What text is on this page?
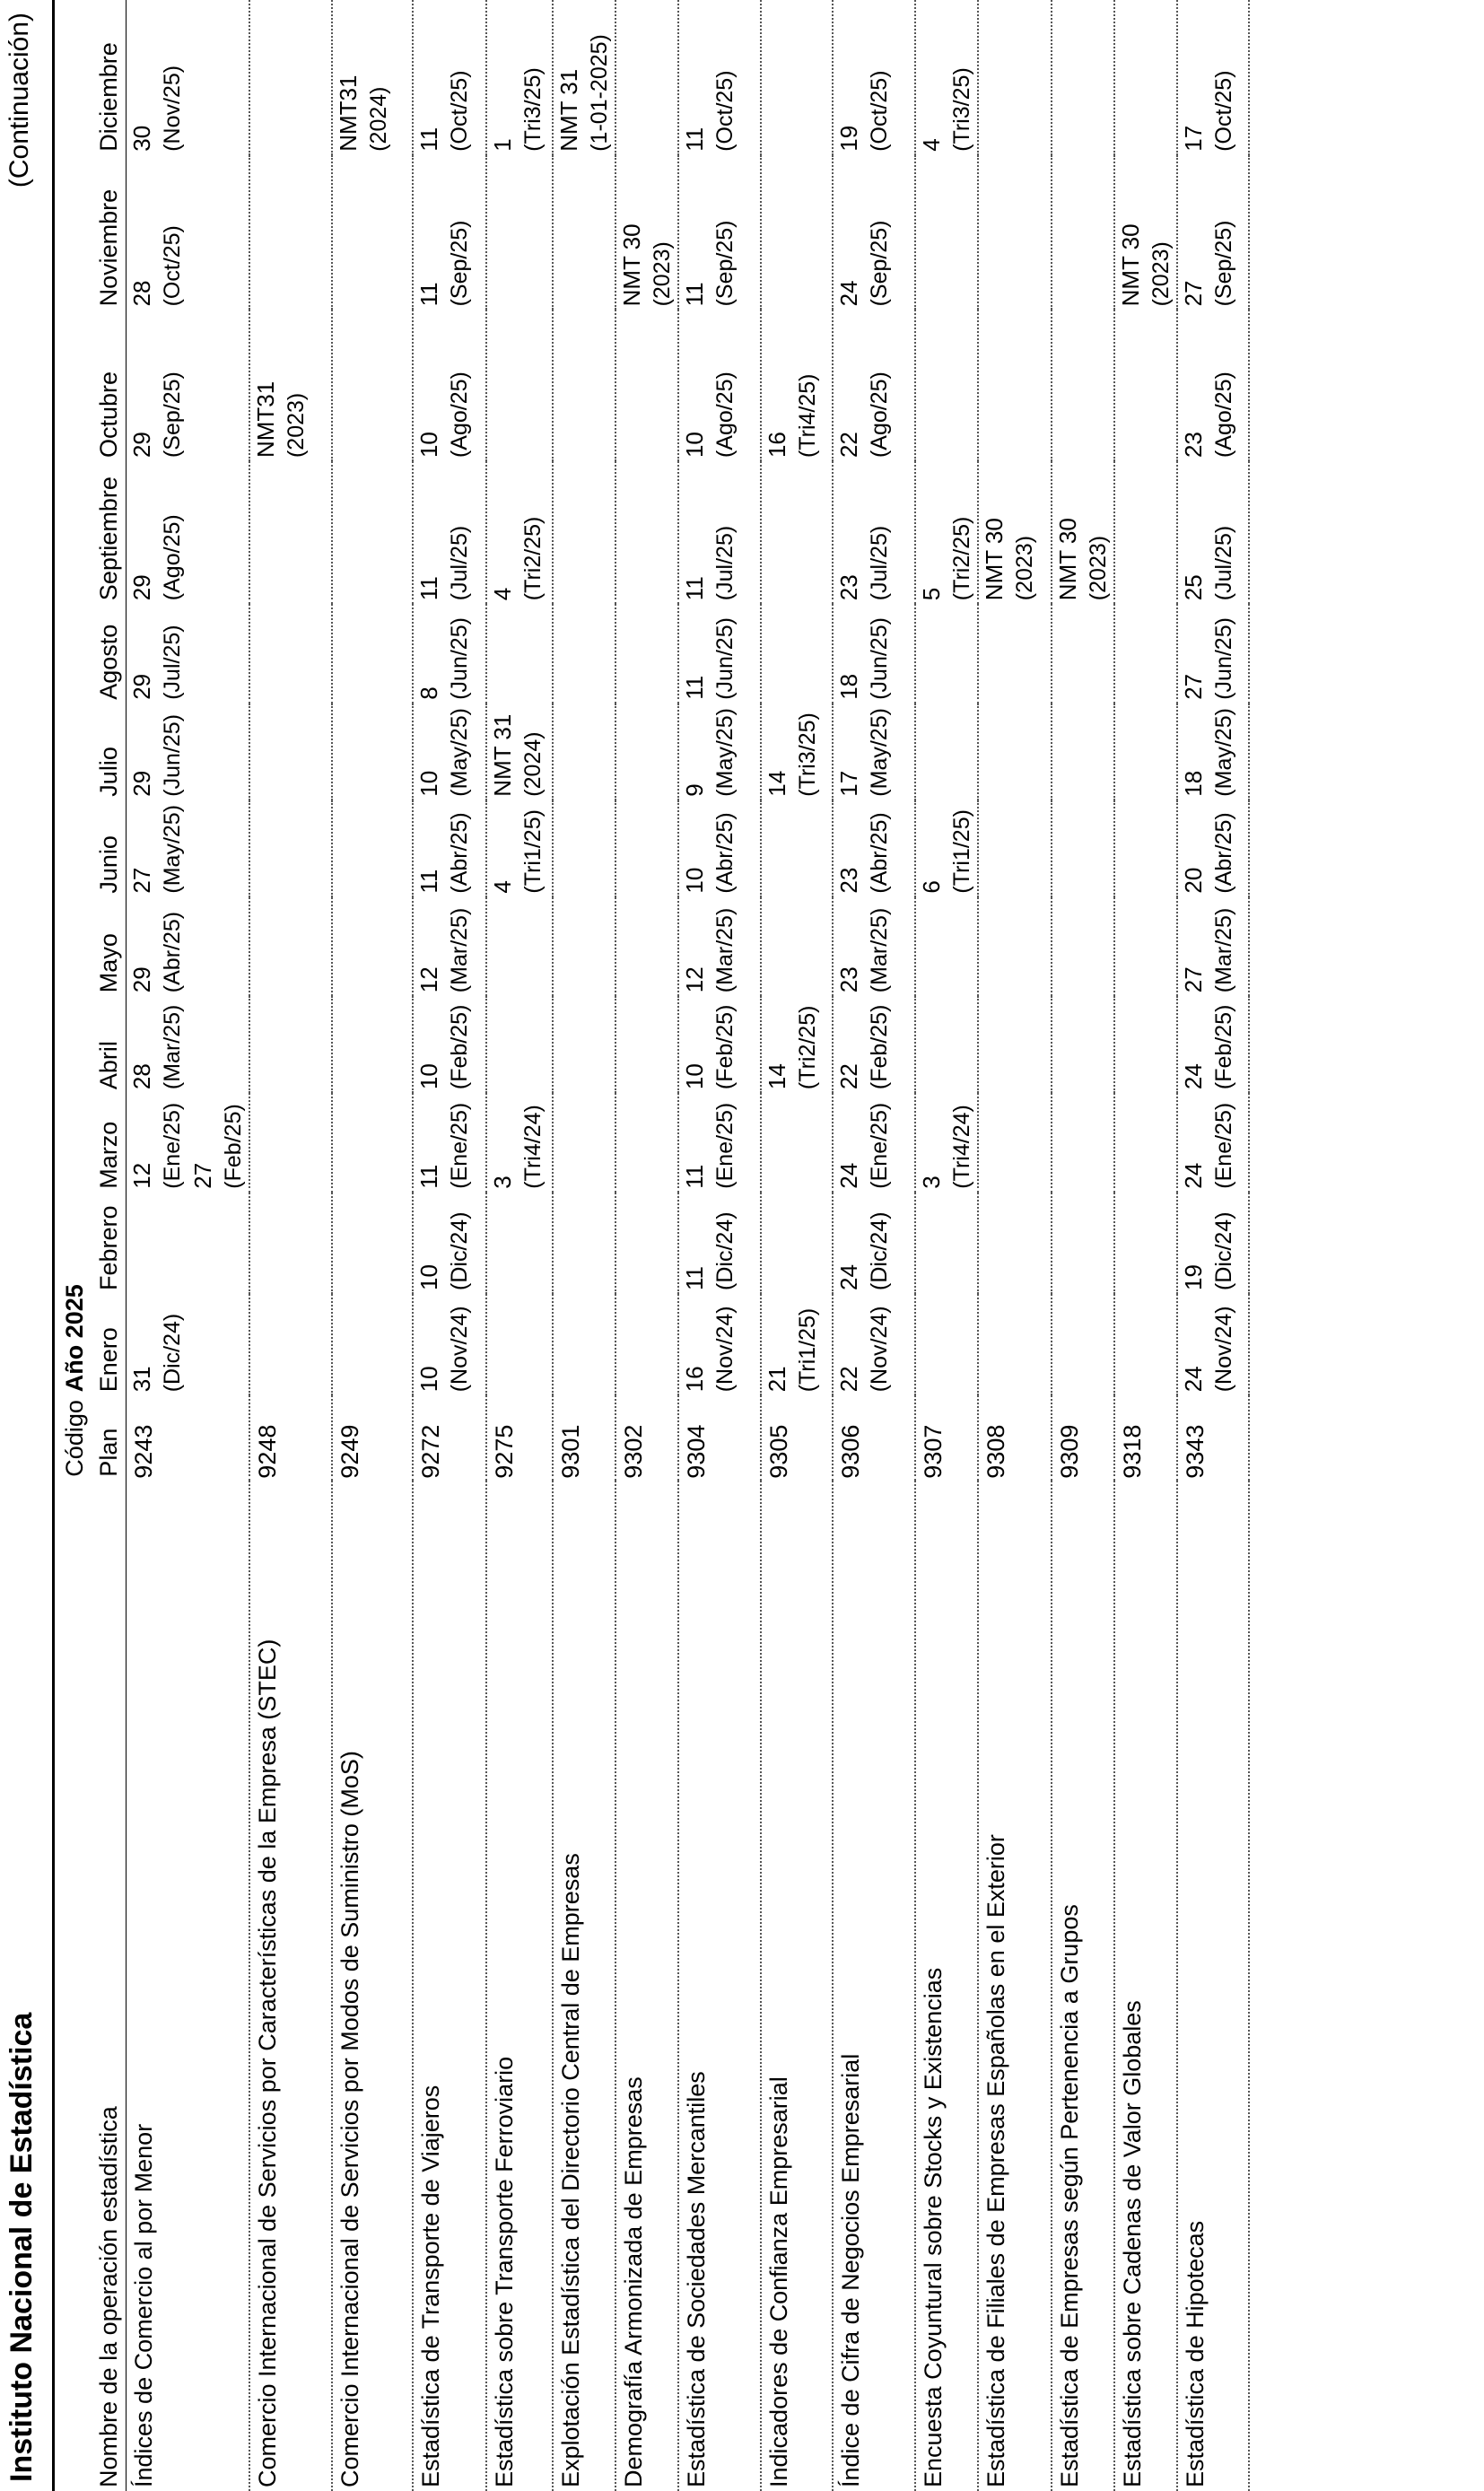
Instituto Nacional de Estadística
(Continuación)
Nombre de la operación estadística	Código	Año 2025											
	Plan	Enero	Febrero	Marzo	Abril	Mayo	Junio	Julio	Agosto	Septiembre	Octubre	Noviembre	Diciembre
Índices de Comercio al por Menor	9243	31 (Dic/24)		12 (Ene/25) 27 (Feb/25)	28 (Mar/25)	29 (Abr/25)	27 (May/25)	29 (Jun/25)	29 (Jul/25)	29 (Ago/25)	29 (Sep/25)	28 (Oct/25)	30 (Nov/25)

Comercio Internacional de Servicios por Características de la Empresa (STEC)	9248										NMT31 (2023)		

Comercio Internacional de Servicios por Modos de Suministro (MoS)	9249												NMT31 (2024)

Estadística de Transporte de Viajeros	9272	10 (Nov/24)	10 (Dic/24)	11 (Ene/25)	10 (Feb/25)	12 (Mar/25)	11 (Abr/25)	10 (May/25)	8 (Jun/25)	11 (Jul/25)	10 (Ago/25)	11 (Sep/25)	11 (Oct/25)

Estadística sobre Transporte Ferroviario	9275			3 (Tri4/24)			4 (Tri1/25)	NMT 31 (2024)		4 (Tri2/25)			1 (Tri3/25)

Explotación Estadística del Directorio Central de Empresas	9301												NMT 31 (1-01-2025)

Demografía Armonizada de Empresas	9302											NMT 30 (2023)	

Estadística de Sociedades Mercantiles	9304	16 (Nov/24)	11 (Dic/24)	11 (Ene/25)	10 (Feb/25)	12 (Mar/25)	10 (Abr/25)	9 (May/25)	11 (Jun/25)	11 (Jul/25)	10 (Ago/25)	11 (Sep/25)	11 (Oct/25)

Indicadores de Confianza Empresarial	9305	21 (Tri1/25)			14 (Tri2/25)			14 (Tri3/25)			16 (Tri4/25)		

Índice de Cifra de Negocios Empresarial	9306	22 (Nov/24)	24 (Dic/24)	24 (Ene/25)	22 (Feb/25)	23 (Mar/25)	23 (Abr/25)	17 (May/25)	18 (Jun/25)	23 (Jul/25)	22 (Ago/25)	24 (Sep/25)	19 (Oct/25)

Encuesta Coyuntural sobre Stocks y Existencias	9307			3 (Tri4/24)			6 (Tri1/25)			5 (Tri2/25)			4 (Tri3/25)

Estadística de Filiales de Empresas Españolas en el Exterior	9308									NMT 30 (2023)			

Estadística de Empresas según Pertenencia a Grupos	9309									NMT 30 (2023)			

Estadística sobre Cadenas de Valor Globales	9318											NMT 30 (2023)	

Estadística de Hipotecas	9343	24 (Nov/24)	19 (Dic/24)	24 (Ene/25)	24 (Feb/25)	27 (Mar/25)	20 (Abr/25)	18 (May/25)	27 (Jun/25)	25 (Jul/25)	23 (Ago/25)	27 (Sep/25)	17 (Oct/25)
